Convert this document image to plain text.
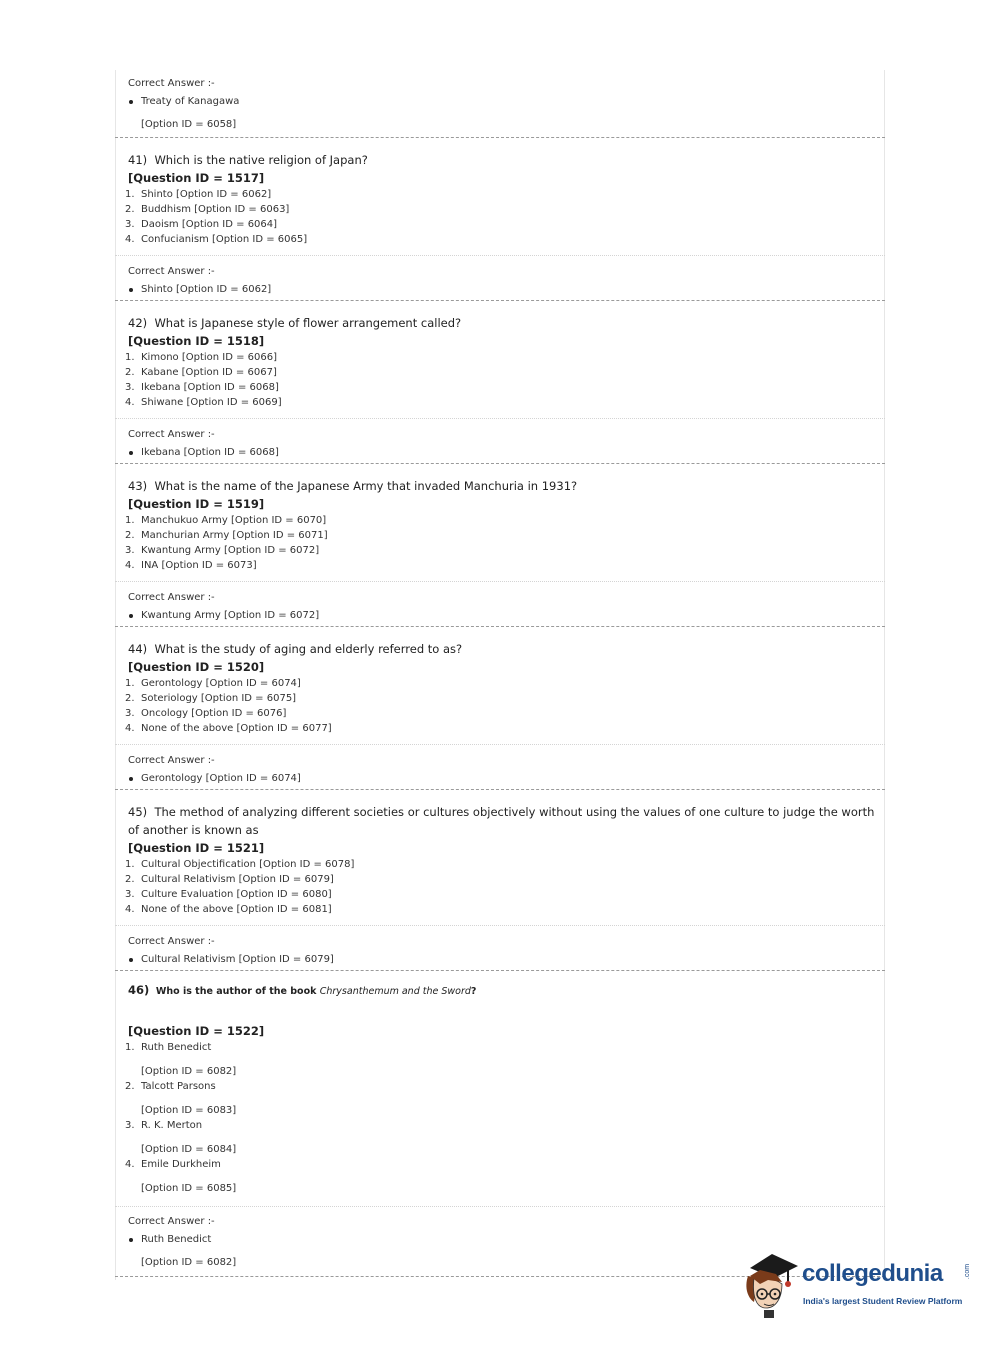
Correct Answer :-
Treaty of Kanagawa
[Option ID = 6058]
41) Which is the native religion of Japan?
[Question ID = 1517]
1. Shinto [Option ID = 6062]
2. Buddhism [Option ID = 6063]
3. Daoism [Option ID = 6064]
4. Confucianism [Option ID = 6065]
Correct Answer :-
Shinto [Option ID = 6062]
42) What is Japanese style of flower arrangement called?
[Question ID = 1518]
1. Kimono [Option ID = 6066]
2. Kabane [Option ID = 6067]
3. Ikebana [Option ID = 6068]
4. Shiwane [Option ID = 6069]
Correct Answer :-
Ikebana [Option ID = 6068]
43) What is the name of the Japanese Army that invaded Manchuria in 1931?
[Question ID = 1519]
1. Manchukuo Army [Option ID = 6070]
2. Manchurian Army [Option ID = 6071]
3. Kwantung Army [Option ID = 6072]
4. INA [Option ID = 6073]
Correct Answer :-
Kwantung Army [Option ID = 6072]
44) What is the study of aging and elderly referred to as?
[Question ID = 1520]
1. Gerontology [Option ID = 6074]
2. Soteriology [Option ID = 6075]
3. Oncology [Option ID = 6076]
4. None of the above [Option ID = 6077]
Correct Answer :-
Gerontology [Option ID = 6074]
45) The method of analyzing different societies or cultures objectively without using the values of one culture to judge the worth of another is known as
[Question ID = 1521]
1. Cultural Objectification [Option ID = 6078]
2. Cultural Relativism [Option ID = 6079]
3. Culture Evaluation [Option ID = 6080]
4. None of the above [Option ID = 6081]
Correct Answer :-
Cultural Relativism [Option ID = 6079]
46) Who is the author of the book Chrysanthemum and the Sword?
[Question ID = 1522]
1. Ruth Benedict
[Option ID = 6082]
2. Talcott Parsons
[Option ID = 6083]
3. R. K. Merton
[Option ID = 6084]
4. Emile Durkheim
[Option ID = 6085]
Correct Answer :-
Ruth Benedict
[Option ID = 6082]	collegedunia	.com
India's largest Student Review Platform
